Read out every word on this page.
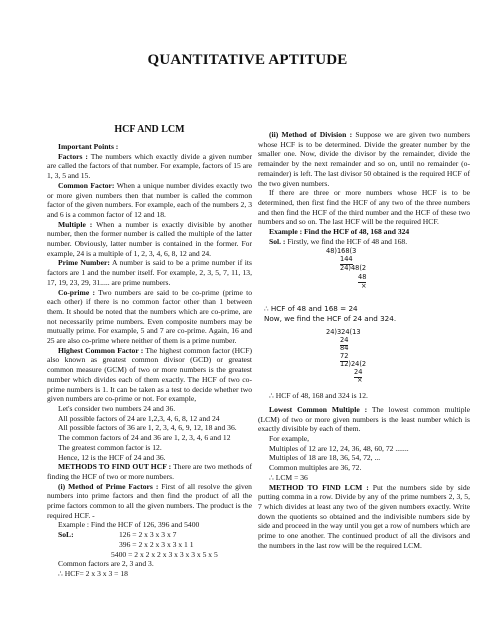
QUANTITATIVE APTITUDE
HCF AND LCM

Important Points :

Factors : The numbers which exactly divide a given number are called the factors of that number. For example, factors of 15 are 1, 3, 5 and 15.

Common Factor: When a unique number divides exactly two or more given numbers then that number is called the common factor of the given numbers. For example, each of the numbers 2, 3 and 6 is a common factor of 12 and 18.

Multiple : When a number is exactly divisible by another number, then the former number is called the multiple of the latter number. Obviously, latter number is contained in the former. For example, 24 is a multiple of 1, 2, 3, 4, 6, 8, 12 and 24.

Prime Number: A number is said to be a prime number if its factors are 1 and the number itself. For example, 2, 3, 5, 7, 11, 13, 17, 19, 23, 29, 31..... are prime numbers.

Co-prime : Two numbers are said to be co-prime (prime to each other) if there is no common factor other than 1 between them. It should be noted that the numbers which are co-prime, are not necessarily prime numbers. Even composite numbers may be mutually prime. For example, 5 and 7 are co-prime. Again, 16 and 25 are also co-prime where neither of them is a prime number.

Highest Common Factor : The highest common factor (HCF) also known as greatest common divisor (GCD) or greatest common measure (GCM) of two or more numbers is the greatest number which divides each of them exactly. The HCF of two co-prime numbers is 1. It can be taken as a test to decide whether two given numbers are co-prime or not. For example,

Let's consider two numbers 24 and 36.

All possible factors of 24 are 1,2,3, 4, 6, 8, 12 and 24

All possible factors of 36 are 1, 2, 3, 4, 6, 9, 12, 18 and 36.

The common factors of 24 and 36 are 1, 2, 3, 4, 6 and 12

The greatest common factor is 12.

Hence, 12 is the HCF of 24 and 36.

METHODS TO FIND OUT HCF : There are two methods of finding the HCF of two or more numbers.

(i) Method of Prime Factors : First of all resolve the given numbers into prime factors and then find the product of all the prime factors common to all the given numbers. The product is the required HCF. -

Example : Find the HCF of 126, 396 and 5400

SoL:	126 = 2 x 3 x 3 x 7

396 = 2 x 2 x 3 x 3 x 1 1

5400 = 2 x 2 x 2 x 3 x 3 x 3 x 5 x 5

Common factors are 2, 3 and 3.

∴ HCF= 2 x 3 x 3 = 18

(ii) Method of Division : Suppose we are given two numbers whose HCF is to be determined. Divide the greater number by the smaller one. Now, divide the divisor by the remainder, divide the remainder by the next remainder and so on, until no remainder (o-remainder) is left. The last divisor 50 obtained is the required HCF of the two given numbers.

If there are three or more numbers whose HCF is to be determined, then first find the HCF of any two of the three numbers and then find the HCF of the third number and the HCF of these two numbers and so on. The last HCF will be the required HCF.

Example : Find the HCF of 48, 168 and 324

Sol. : Firstly, we find the HCF of 48 and 168.

48)168(3
144
24)48(2
48
×

∴ HCF of 48 and 168 = 24

Now, we find the HCF of 24 and 324.

24)324(13
24
84
72
12)24(2
24
×

∴ HCF of 48, 168 and 324 is 12.

Lowest Common Multiple : The lowest common multiple (LCM) of two or more given numbers is the least number which is exactly divisible by each of them.

For example,

Multiples of 12 are 12, 24, 36, 48, 60, 72 .......

Multiples of 18 are 18, 36, 54, 72, ...

Common multiples are 36, 72.

∴ LCM = 36

METHOD TO FIND LCM : Put the numbers side by side putting comma in a row. Divide by any of the prime numbers 2, 3, 5, 7 which divides at least any two of the given numbers exactly. Write down the quotients so obtained and the indivisible numbers side by side and proceed in the way until you get a row of numbers which are prime to one another. The continued product of all the divisors and the numbers in the last row will be the required LCM.
